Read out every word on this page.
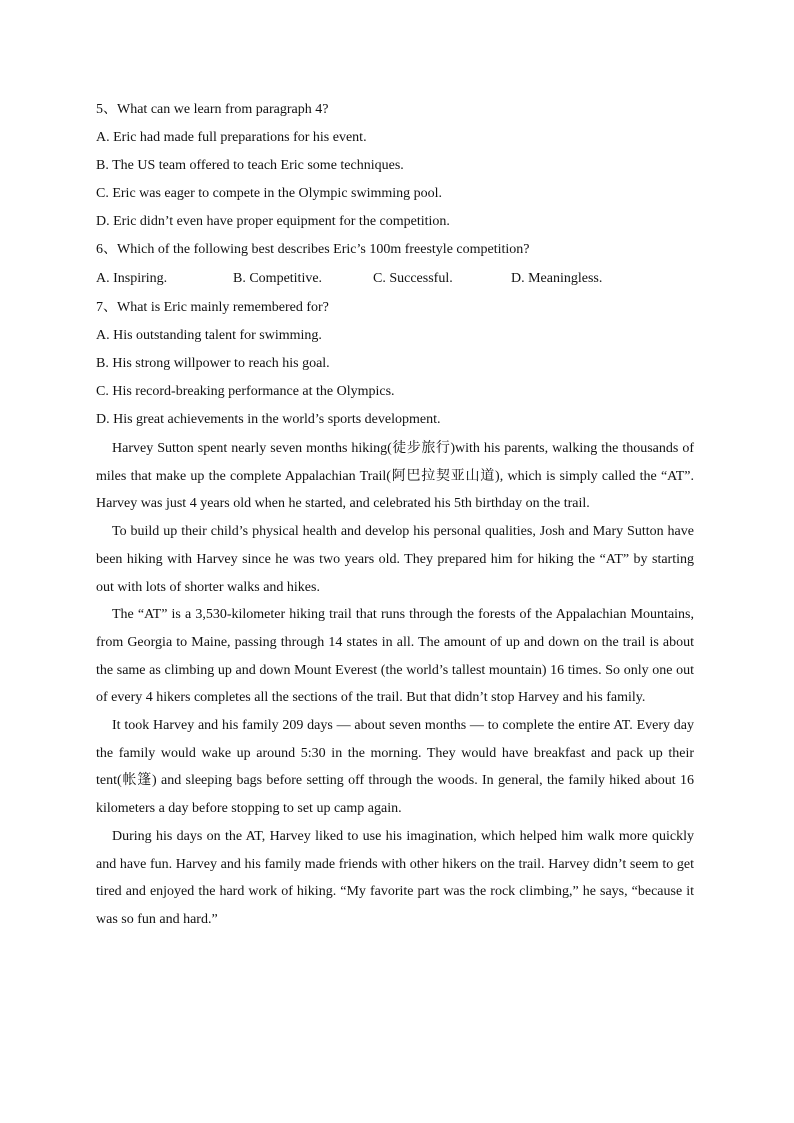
5、What can we learn from paragraph 4?
A. Eric had made full preparations for his event.
B. The US team offered to teach Eric some techniques.
C. Eric was eager to compete in the Olympic swimming pool.
D. Eric didn’t even have proper equipment for the competition.
6、Which of the following best describes Eric’s 100m freestyle competition?
A. Inspiring.	B. Competitive.	C. Successful.	D. Meaningless.
7、What is Eric mainly remembered for?
A. His outstanding talent for swimming.
B. His strong willpower to reach his goal.
C. His record-breaking performance at the Olympics.
D. His great achievements in the world’s sports development.

Harvey Sutton spent nearly seven months hiking(徒步旅行)with his parents, walking the thousands of miles that make up the complete Appalachian Trail(阿巴拉契亚山道), which is simply called the “AT”. Harvey was just 4 years old when he started, and celebrated his 5th birthday on the trail.

To build up their child’s physical health and develop his personal qualities, Josh and Mary Sutton have been hiking with Harvey since he was two years old. They prepared him for hiking the “AT” by starting out with lots of shorter walks and hikes.

The “AT” is a 3,530-kilometer hiking trail that runs through the forests of the Appalachian Mountains, from Georgia to Maine, passing through 14 states in all. The amount of up and down on the trail is about the same as climbing up and down Mount Everest (the world’s tallest mountain) 16 times. So only one out of every 4 hikers completes all the sections of the trail. But that didn’t stop Harvey and his family.

It took Harvey and his family 209 days — about seven months — to complete the entire AT. Every day the family would wake up around 5:30 in the morning. They would have breakfast and pack up their tent(帐篷) and sleeping bags before setting off through the woods. In general, the family hiked about 16 kilometers a day before stopping to set up camp again.

During his days on the AT, Harvey liked to use his imagination, which helped him walk more quickly and have fun. Harvey and his family made friends with other hikers on the trail. Harvey didn’t seem to get tired and enjoyed the hard work of hiking. “My favorite part was the rock climbing,” he says, “because it was so fun and hard.”
